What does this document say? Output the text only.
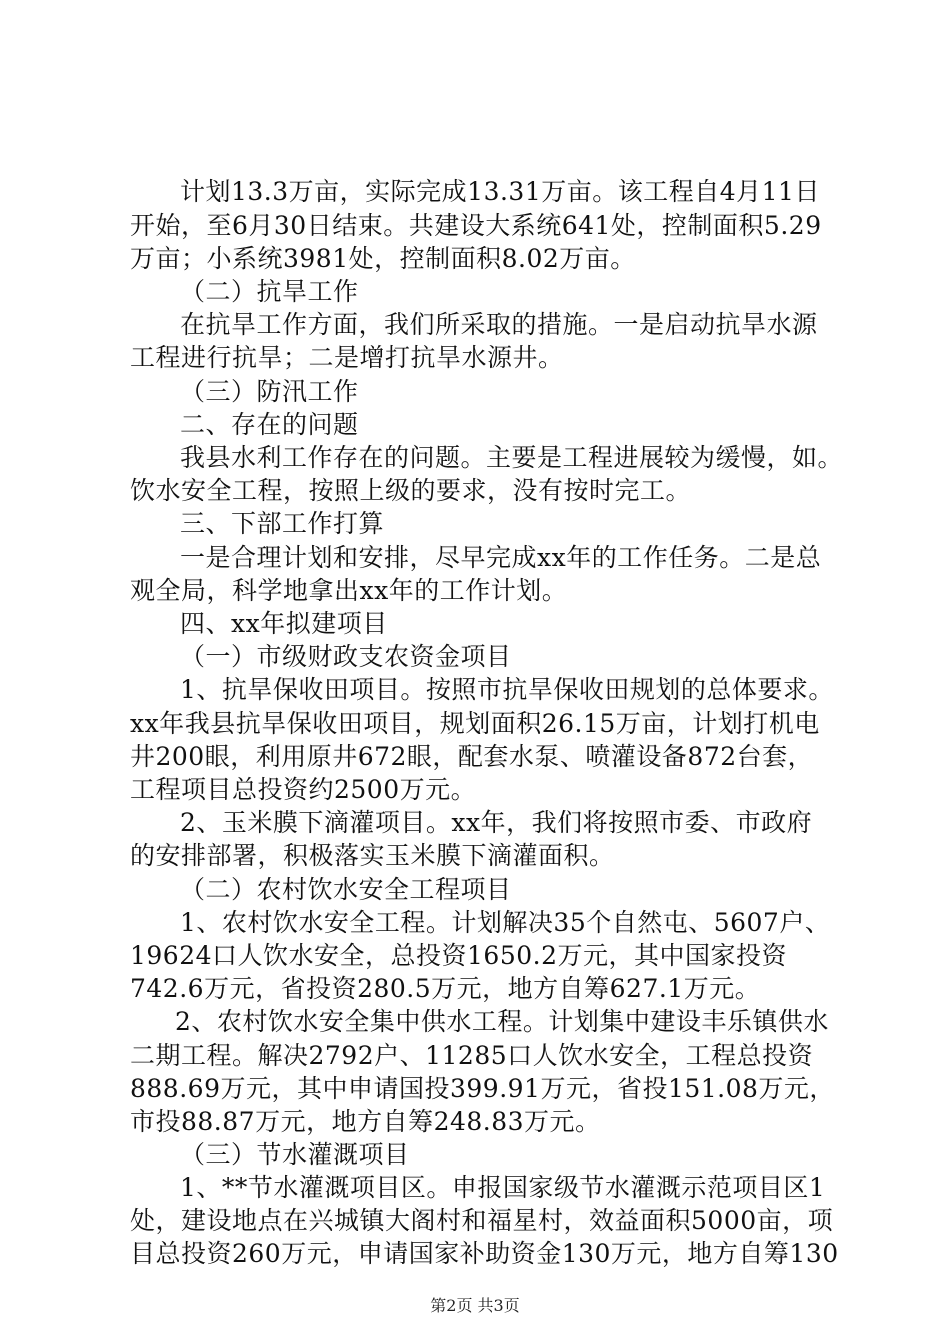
计划13.3万亩，实际完成13.31万亩。该工程自4月11日
开始，至6月30日结束。共建设大系统641处，控制面积5.29
万亩；小系统3981处，控制面积8.02万亩。
（二）抗旱工作
在抗旱工作方面，我们所采取的措施。一是启动抗旱水源
工程进行抗旱；二是增打抗旱水源井。
（三）防汛工作
二、存在的问题
我县水利工作存在的问题。主要是工程进展较为缓慢，如。
饮水安全工程，按照上级的要求，没有按时完工。
三、下部工作打算
一是合理计划和安排，尽早完成xx年的工作任务。二是总
观全局，科学地拿出xx年的工作计划。
四、xx年拟建项目
（一）市级财政支农资金项目
1、抗旱保收田项目。按照市抗旱保收田规划的总体要求。
xx年我县抗旱保收田项目，规划面积26.15万亩，计划打机电
井200眼，利用原井672眼，配套水泵、喷灌设备872台套，
工程项目总投资约2500万元。
2、玉米膜下滴灌项目。xx年，我们将按照市委、市政府
的安排部署，积极落实玉米膜下滴灌面积。
（二）农村饮水安全工程项目
1、农村饮水安全工程。计划解决35个自然屯、5607户、
19624口人饮水安全，总投资1650.2万元，其中国家投资
742.6万元，省投资280.5万元，地方自筹627.1万元。
2、农村饮水安全集中供水工程。计划集中建设丰乐镇供水
二期工程。解决2792户、11285口人饮水安全，工程总投资
888.69万元，其中申请国投399.91万元，省投151.08万元，
市投88.87万元，地方自筹248.83万元。
（三）节水灌溉项目
1、**节水灌溉项目区。申报国家级节水灌溉示范项目区1
处，建设地点在兴城镇大阁村和福星村，效益面积5000亩，项
目总投资260万元，申请国家补助资金130万元，地方自筹130
第2页 共3页
